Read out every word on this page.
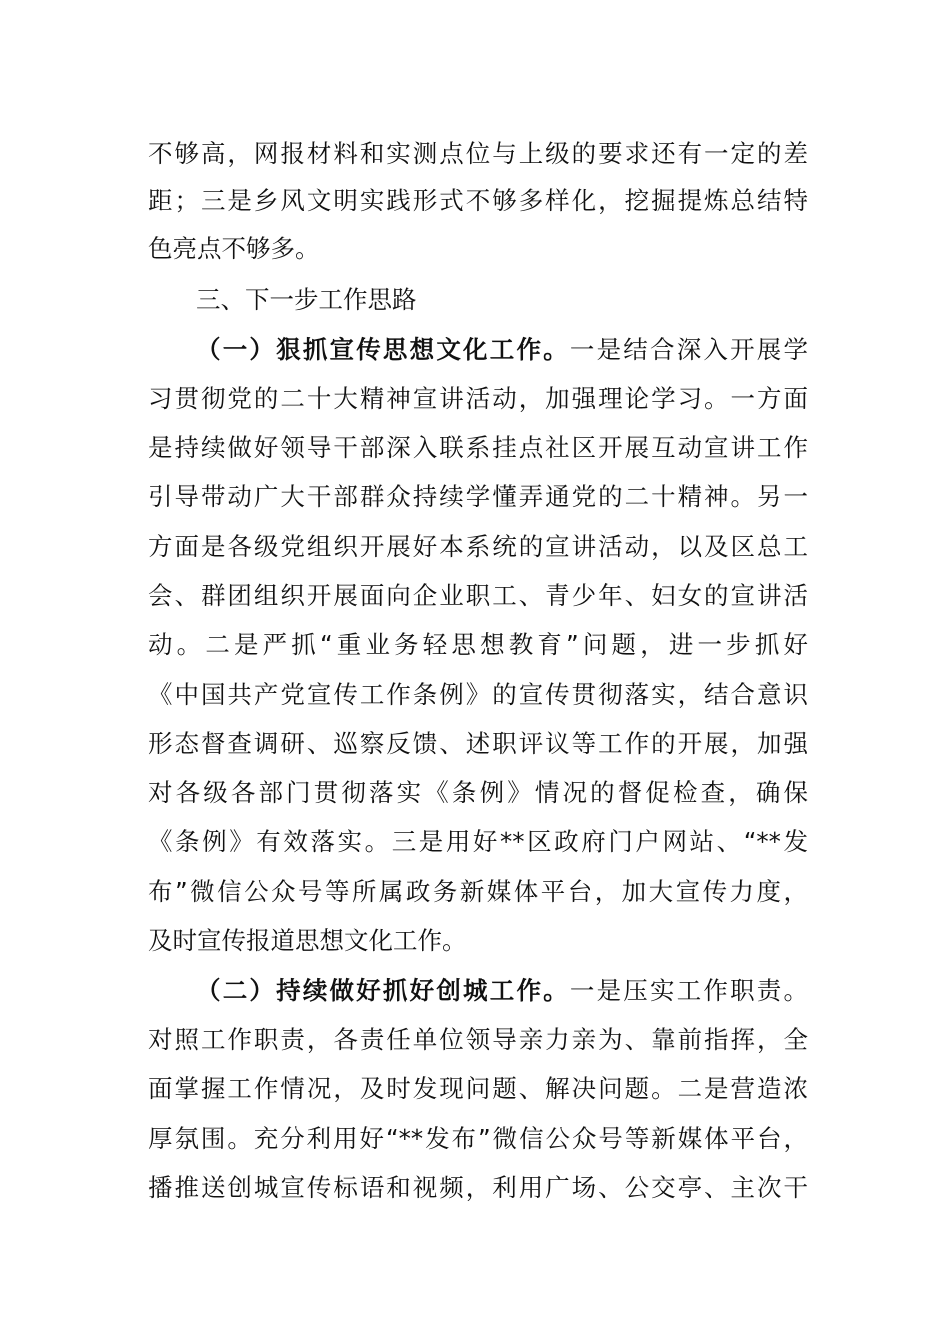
不够高，网报材料和实测点位与上级的要求还有一定的差
距；三是乡风文明实践形式不够多样化，挖掘提炼总结特
色亮点不够多。
三、下一步工作思路
（一）狠抓宣传思想文化工作。一是结合深入开展学
习贯彻党的二十大精神宣讲活动，加强理论学习。一方面
是持续做好领导干部深入联系挂点社区开展互动宣讲工作
引导带动广大干部群众持续学懂弄通党的二十精神。另一
方面是各级党组织开展好本系统的宣讲活动，以及区总工
会、群团组织开展面向企业职工、青少年、妇女的宣讲活
动。二是严抓“重业务轻思想教育”问题，进一步抓好
《中国共产党宣传工作条例》的宣传贯彻落实，结合意识
形态督查调研、巡察反馈、述职评议等工作的开展，加强
对各级各部门贯彻落实《条例》情况的督促检查，确保
《条例》有效落实。三是用好**区政府门户网站、“**发
布”微信公众号等所属政务新媒体平台，加大宣传力度，
及时宣传报道思想文化工作。
（二）持续做好抓好创城工作。一是压实工作职责。
对照工作职责，各责任单位领导亲力亲为、靠前指挥，全
面掌握工作情况，及时发现问题、解决问题。二是营造浓
厚氛围。充分利用好“**发布”微信公众号等新媒体平台，
播推送创城宣传标语和视频，利用广场、公交亭、主次干
